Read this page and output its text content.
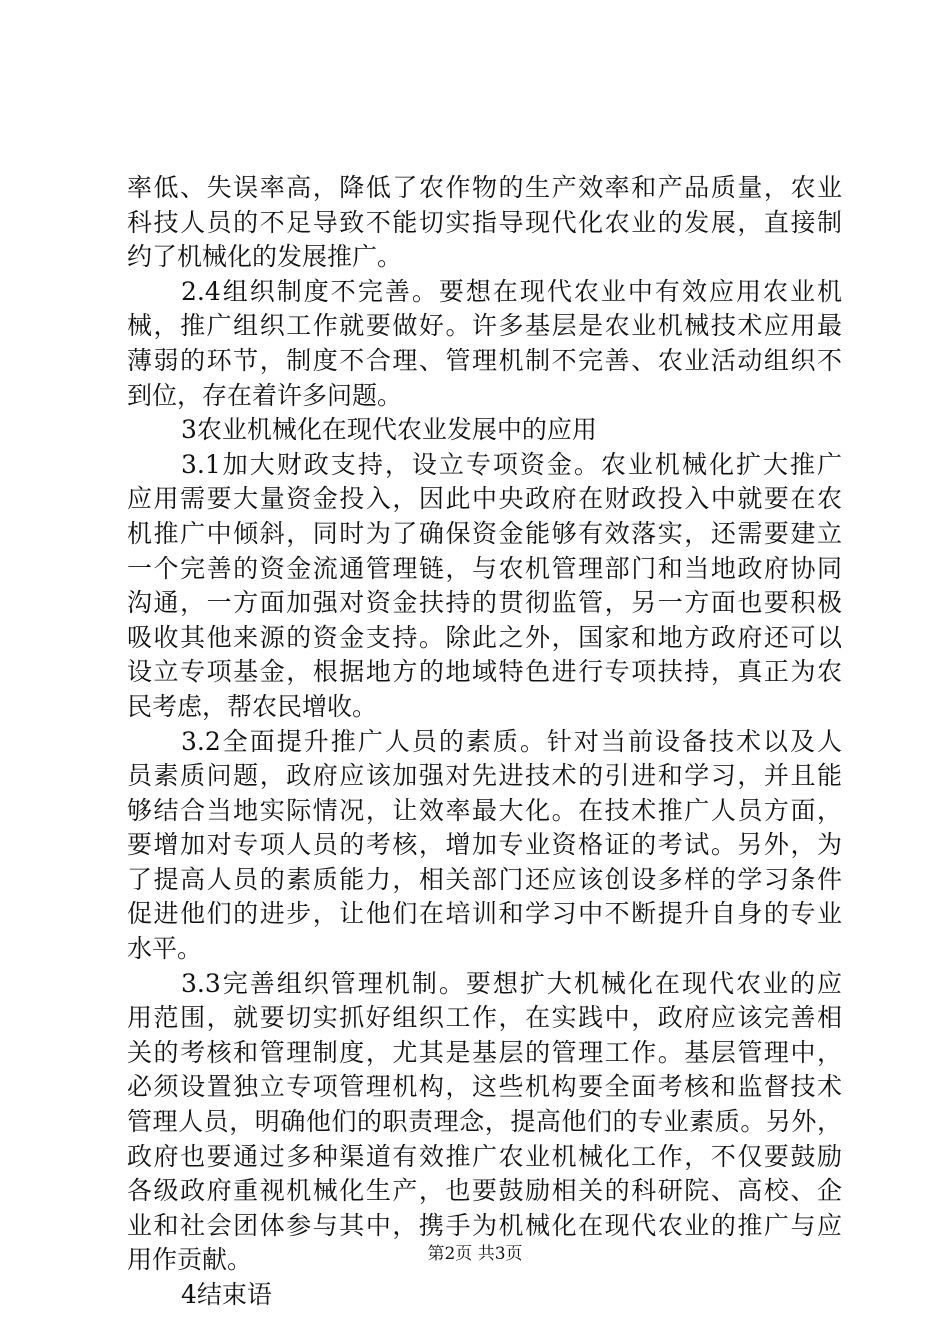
率低、失误率高，降低了农作物的生产效率和产品质量，农业
科技人员的不足导致不能切实指导现代化农业的发展，直接制
约了机械化的发展推广。
2.4组织制度不完善。要想在现代农业中有效应用农业机
械，推广组织工作就要做好。许多基层是农业机械技术应用最
薄弱的环节，制度不合理、管理机制不完善、农业活动组织不
到位，存在着许多问题。
3农业机械化在现代农业发展中的应用
3.1加大财政支持，设立专项资金。农业机械化扩大推广
应用需要大量资金投入，因此中央政府在财政投入中就要在农
机推广中倾斜，同时为了确保资金能够有效落实，还需要建立
一个完善的资金流通管理链，与农机管理部门和当地政府协同
沟通，一方面加强对资金扶持的贯彻监管，另一方面也要积极
吸收其他来源的资金支持。除此之外，国家和地方政府还可以
设立专项基金，根据地方的地域特色进行专项扶持，真正为农
民考虑，帮农民增收。
3.2全面提升推广人员的素质。针对当前设备技术以及人
员素质问题，政府应该加强对先进技术的引进和学习，并且能
够结合当地实际情况，让效率最大化。在技术推广人员方面，
要增加对专项人员的考核，增加专业资格证的考试。另外，为
了提高人员的素质能力，相关部门还应该创设多样的学习条件
促进他们的进步，让他们在培训和学习中不断提升自身的专业
水平。
3.3完善组织管理机制。要想扩大机械化在现代农业的应
用范围，就要切实抓好组织工作，在实践中，政府应该完善相
关的考核和管理制度，尤其是基层的管理工作。基层管理中，
必须设置独立专项管理机构，这些机构要全面考核和监督技术
管理人员，明确他们的职责理念，提高他们的专业素质。另外，
政府也要通过多种渠道有效推广农业机械化工作，不仅要鼓励
各级政府重视机械化生产，也要鼓励相关的科研院、高校、企
业和社会团体参与其中，携手为机械化在现代农业的推广与应
用作贡献。
4结束语
第2页 共3页
